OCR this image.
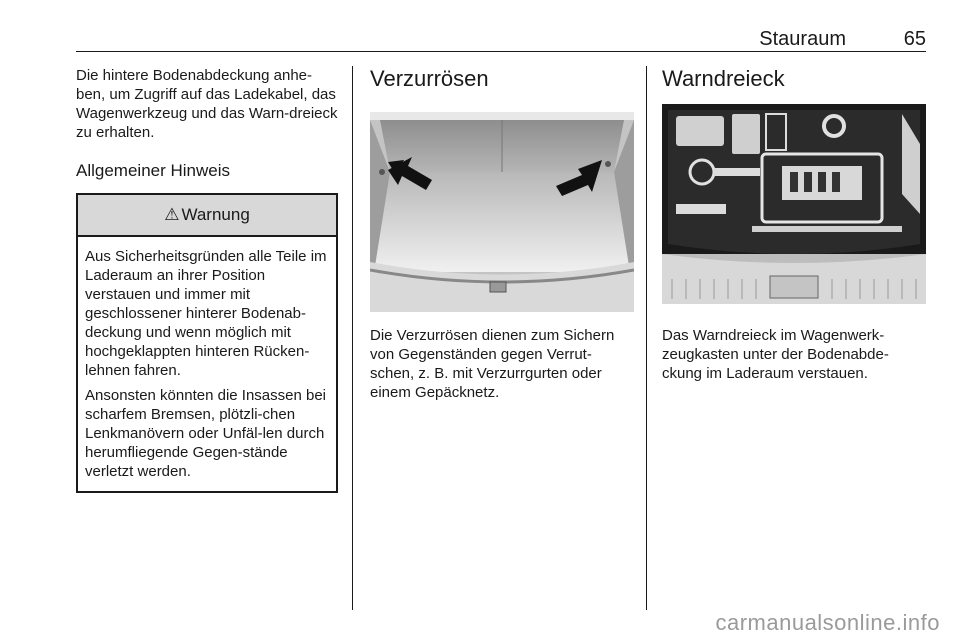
Stauraum	65

Die hintere Bodenabdeckung anhe-ben, um Zugriff auf das Ladekabel, das Wagenwerkzeug und das Warn-dreieck zu erhalten.

Allgemeiner Hinweis
⚠ Warnung

Aus Sicherheitsgründen alle Teile im Laderaum an ihrer Position verstauen und immer mit geschlossener hinterer Bodenab-deckung und wenn möglich mit hochgeklappten hinteren Rücken-lehnen fahren.

Ansonsten könnten die Insassen bei scharfem Bremsen, plötzli-chen Lenkmanövern oder Unfäl-len durch herumfliegende Gegen-stände verletzt werden.

Verzurrösen

Die Verzurrösen dienen zum Sichern von Gegenständen gegen Verrut-schen, z. B. mit Verzurrgurten oder einem Gepäcknetz.

Warndreieck

Das Warndreieck im Wagenwerk-zeugkasten unter der Bodenabde-ckung im Laderaum verstauen.

carmanualsonline.info
